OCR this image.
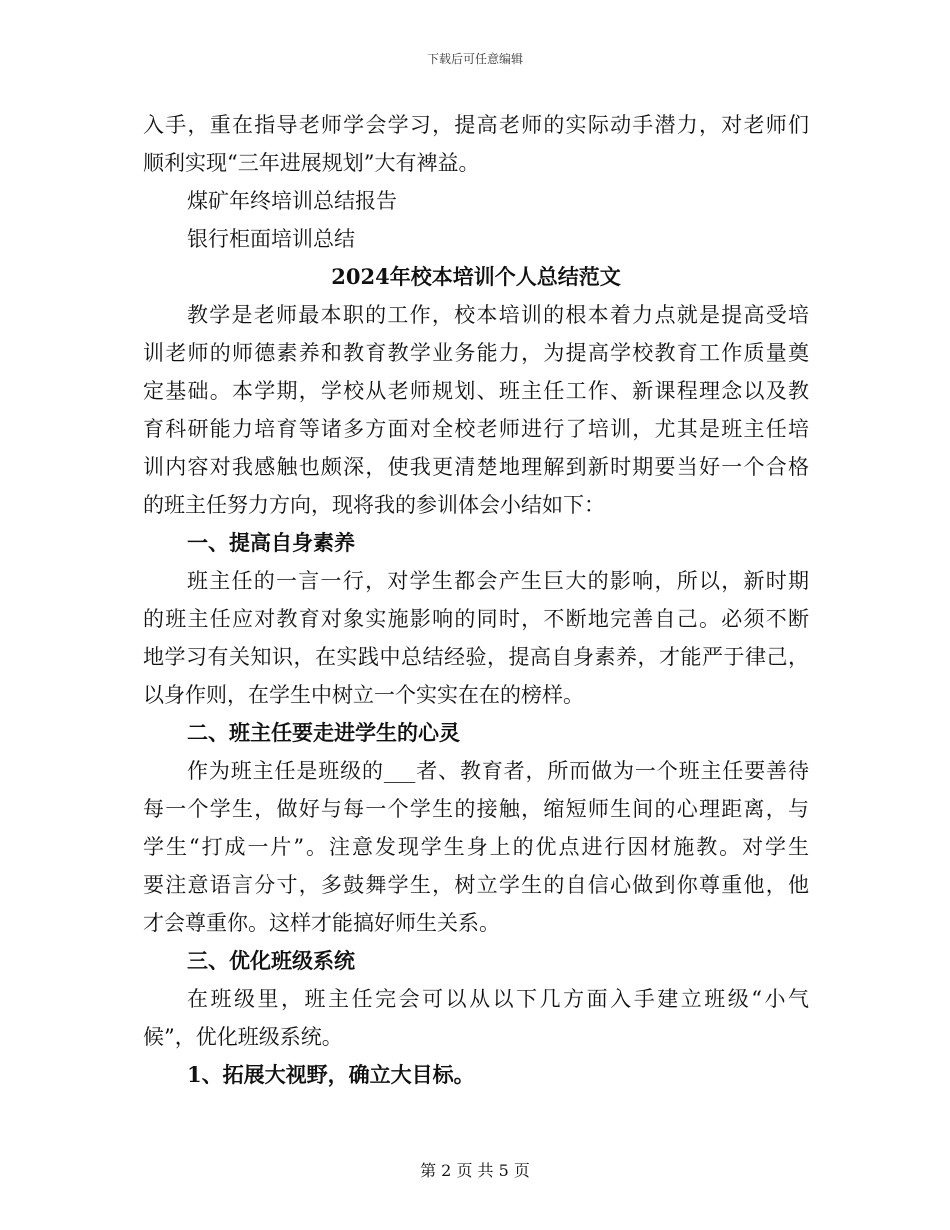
下载后可任意编辑
入手，重在指导老师学会学习，提高老师的实际动手潜力，对老师们
顺利实现“三年进展规划”大有裨益。
煤矿年终培训总结报告
银行柜面培训总结
2024年校本培训个人总结范文
教学是老师最本职的工作，校本培训的根本着力点就是提高受培
训老师的师德素养和教育教学业务能力，为提高学校教育工作质量奠
定基础。本学期，学校从老师规划、班主任工作、新课程理念以及教
育科研能力培育等诸多方面对全校老师进行了培训，尤其是班主任培
训内容对我感触也颇深，使我更清楚地理解到新时期要当好一个合格
的班主任努力方向，现将我的参训体会小结如下：
一、提高自身素养
班主任的一言一行，对学生都会产生巨大的影响，所以，新时期
的班主任应对教育对象实施影响的同时，不断地完善自己。必须不断
地学习有关知识，在实践中总结经验，提高自身素养，才能严于律己，
以身作则，在学生中树立一个实实在在的榜样。
二、班主任要走进学生的心灵
作为班主任是班级的___者、教育者，所而做为一个班主任要善待
每一个学生，做好与每一个学生的接触，缩短师生间的心理距离，与
学生“打成一片”。注意发现学生身上的优点进行因材施教。对学生
要注意语言分寸，多鼓舞学生，树立学生的自信心做到你尊重他，他
才会尊重你。这样才能搞好师生关系。
三、优化班级系统
在班级里，班主任完会可以从以下几方面入手建立班级“小气
候”，优化班级系统。
1、拓展大视野，确立大目标。
第 2 页 共 5 页
